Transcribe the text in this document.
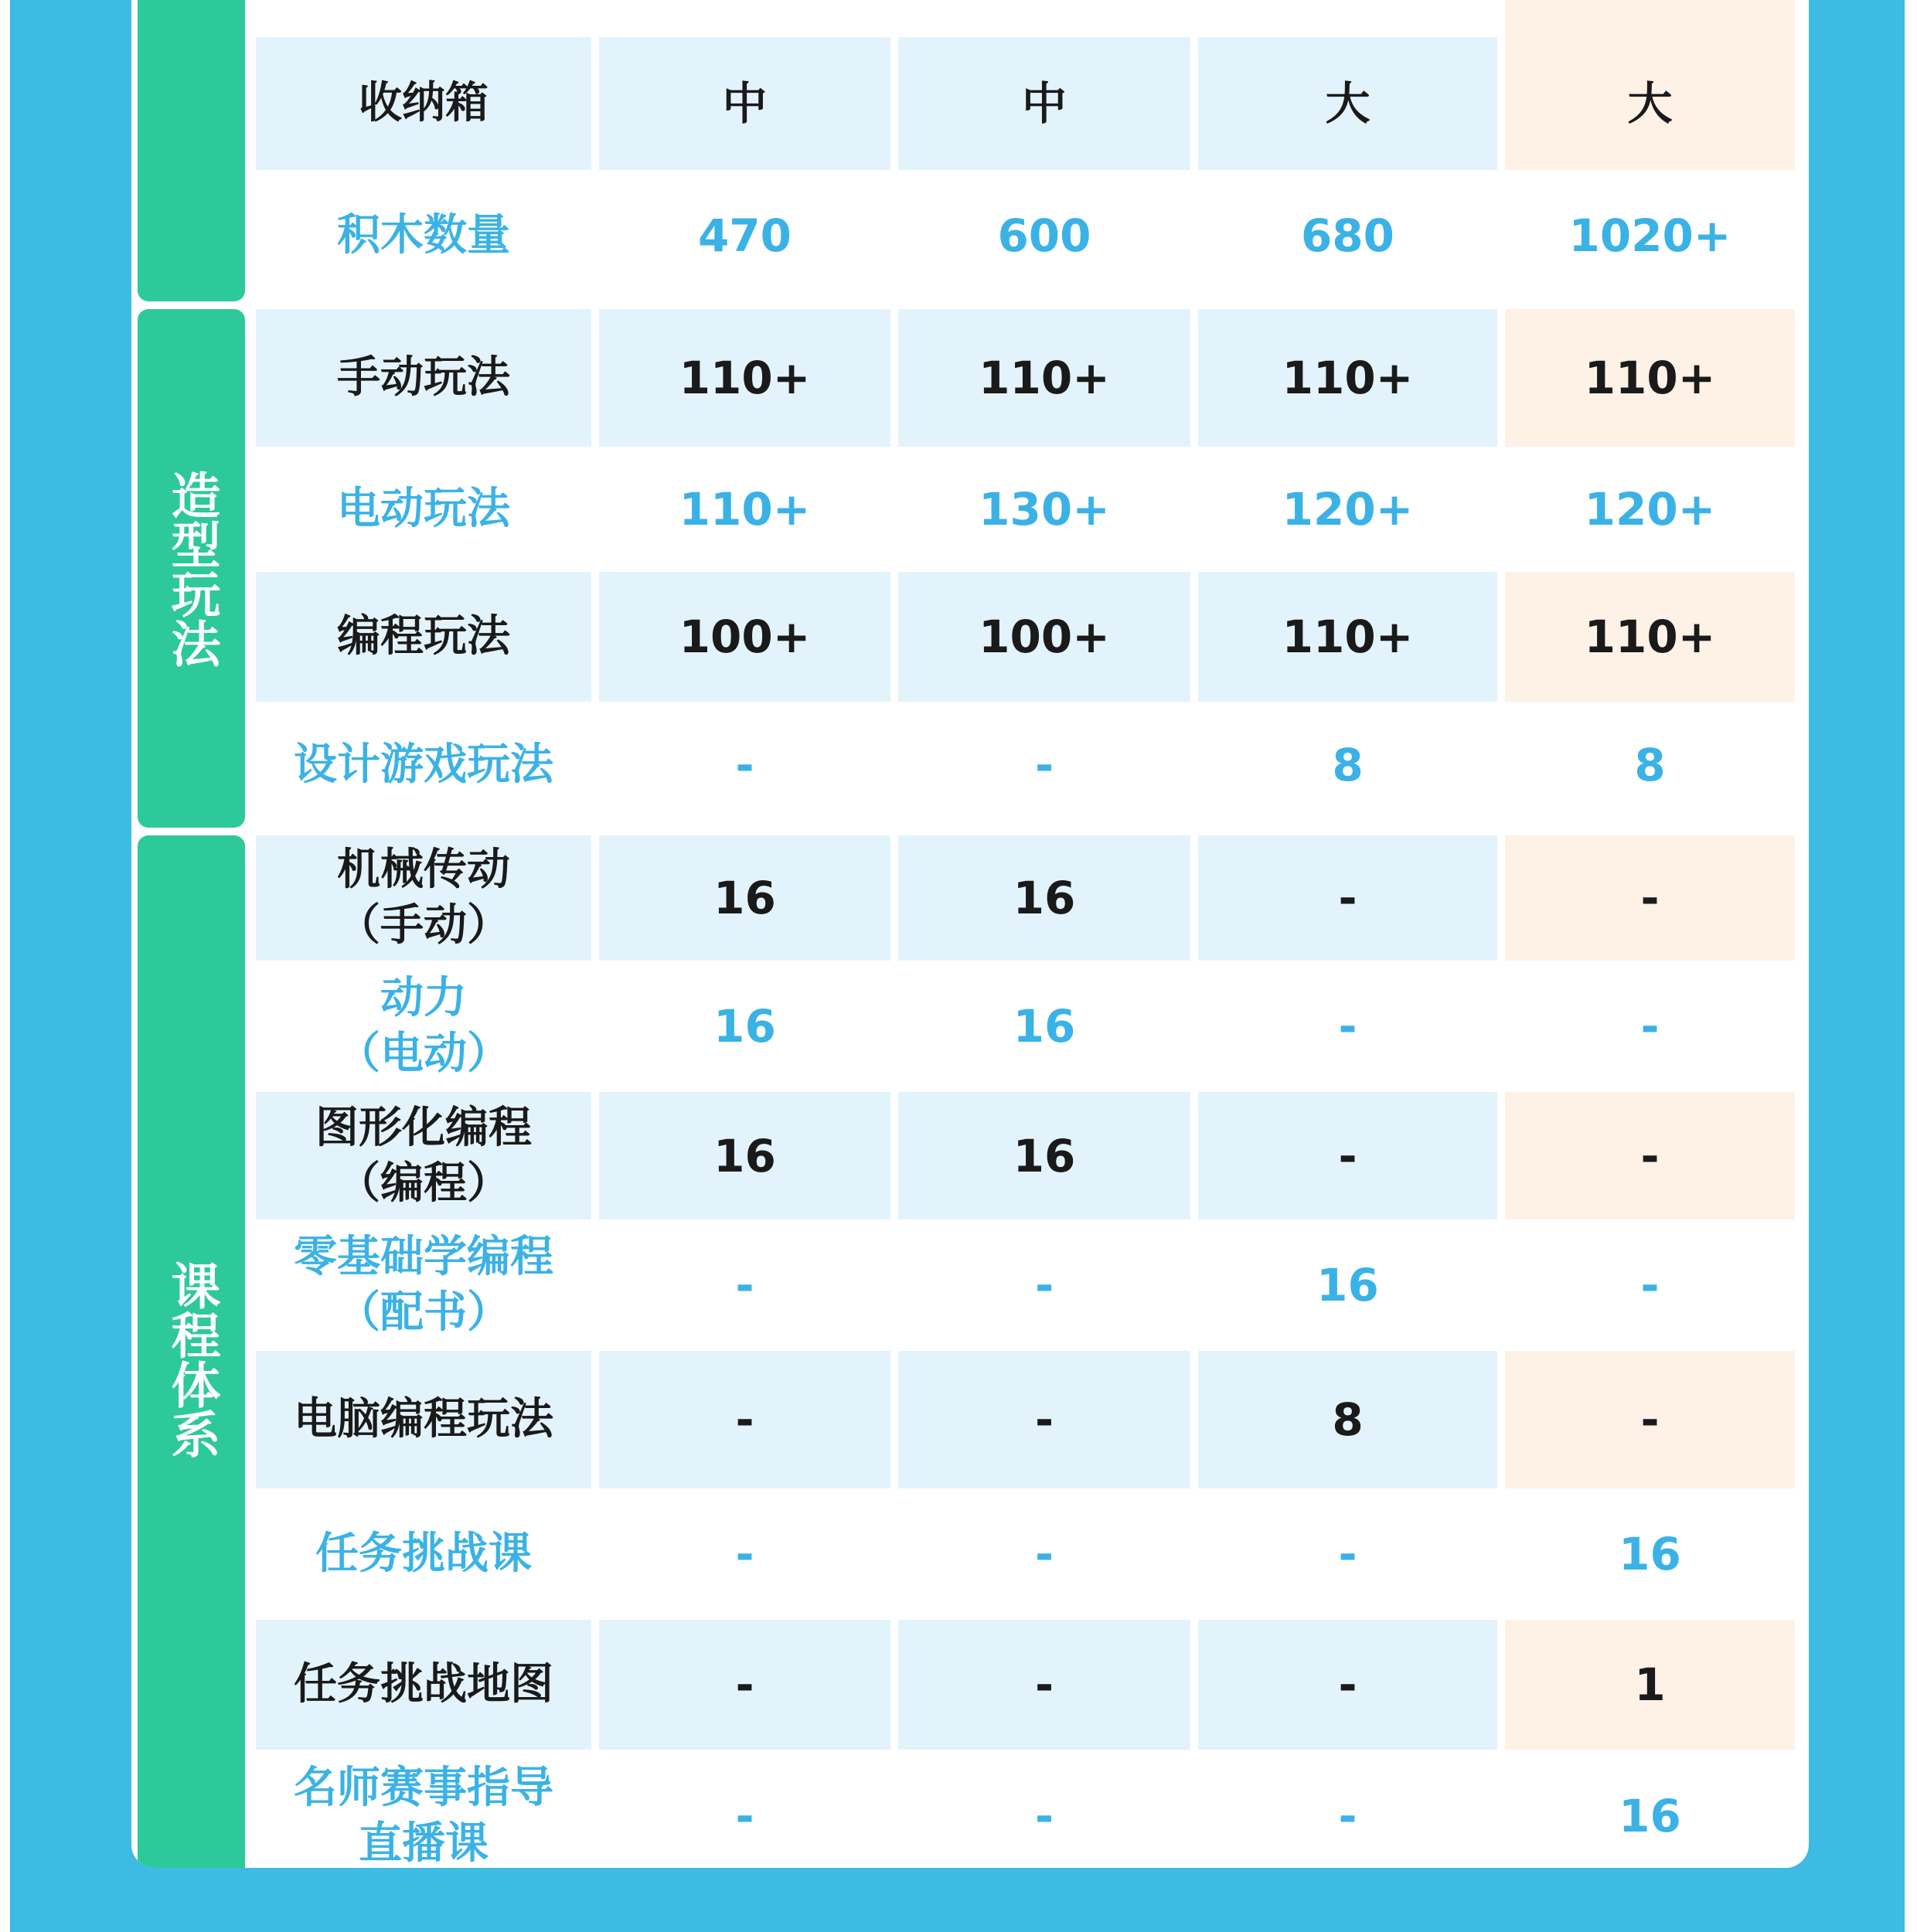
造型玩法
课程体系
收纳箱	中	中	大	大
积木数量	470	600	680	1020+
手动玩法	110+	110+	110+	110+
电动玩法	110+	130+	120+	120+
编程玩法	100+	100+	110+	110+
设计游戏玩法	-	-	8	8
机械传动
（手动）
16	16	-	-
动力
（电动）
16	16	-	-
图形化编程
（编程）
16	16	-	-
零基础学编程
（配书）
-	-	16	-
电脑编程玩法	-	-	8	-
任务挑战课	-	-	-	16
任务挑战地图	-	-	-	1
名师赛事指导
直播课
-	-	-	16
